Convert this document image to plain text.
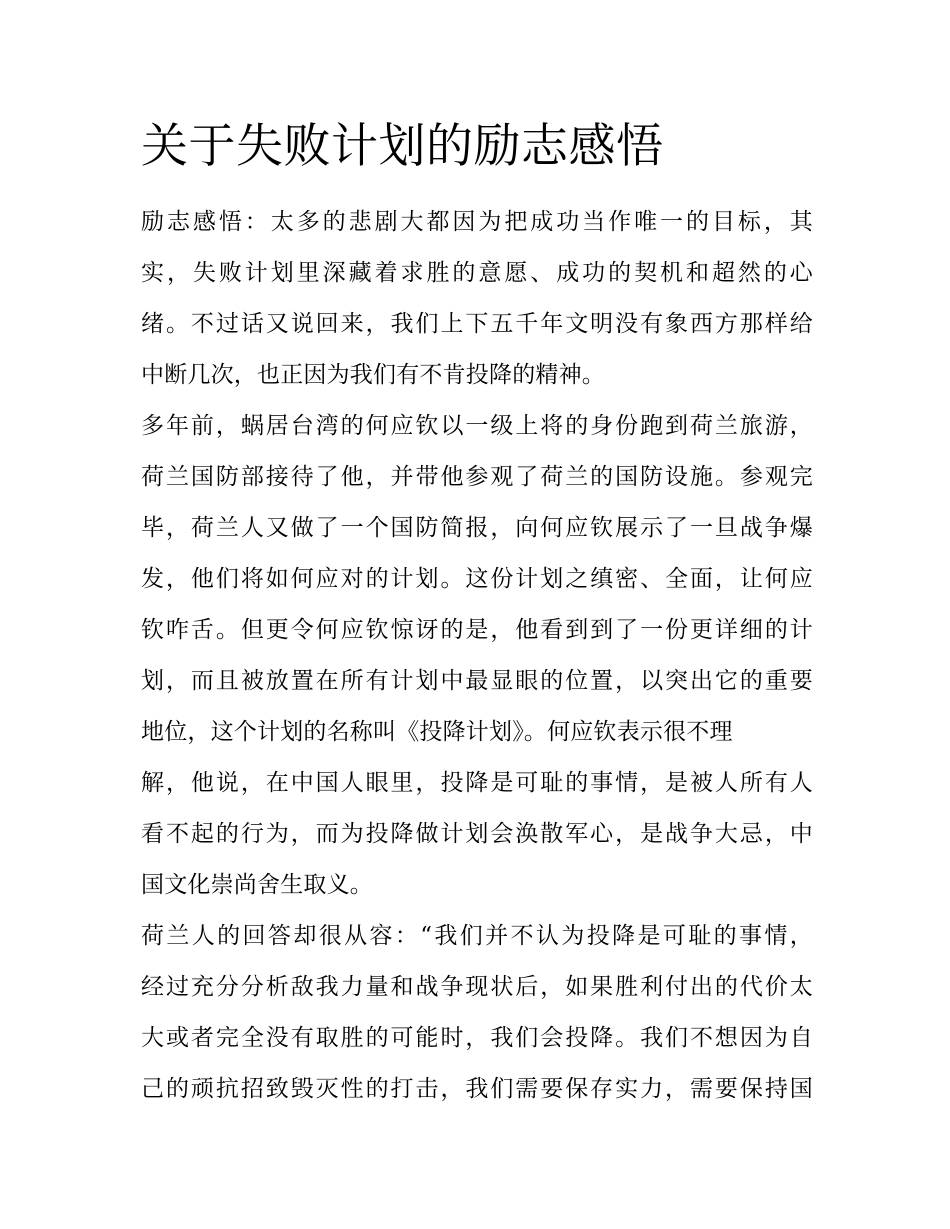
关于失败计划的励志感悟

励志感悟：太多的悲剧大都因为把成功当作唯一的目标，其
实，失败计划里深藏着求胜的意愿、成功的契机和超然的心
绪。不过话又说回来，我们上下五千年文明没有象西方那样给
中断几次，也正因为我们有不肯投降的精神。

多年前，蜗居台湾的何应钦以一级上将的身份跑到荷兰旅游，
荷兰国防部接待了他，并带他参观了荷兰的国防设施。参观完
毕，荷兰人又做了一个国防简报，向何应钦展示了一旦战争爆
发，他们将如何应对的计划。这份计划之缜密、全面，让何应
钦咋舌。但更令何应钦惊讶的是，他看到到了一份更详细的计
划，而且被放置在所有计划中最显眼的位置，以突出它的重要
地位，这个计划的名称叫《投降计划》。何应钦表示很不理
解，他说，在中国人眼里，投降是可耻的事情，是被人所有人
看不起的行为，而为投降做计划会涣散军心，是战争大忌，中
国文化崇尚舍生取义。

荷兰人的回答却很从容：“我们并不认为投降是可耻的事情，
经过充分分析敌我力量和战争现状后，如果胜利付出的代价太
大或者完全没有取胜的可能时，我们会投降。我们不想因为自
己的顽抗招致毁灭性的打击，我们需要保存实力，需要保持国
